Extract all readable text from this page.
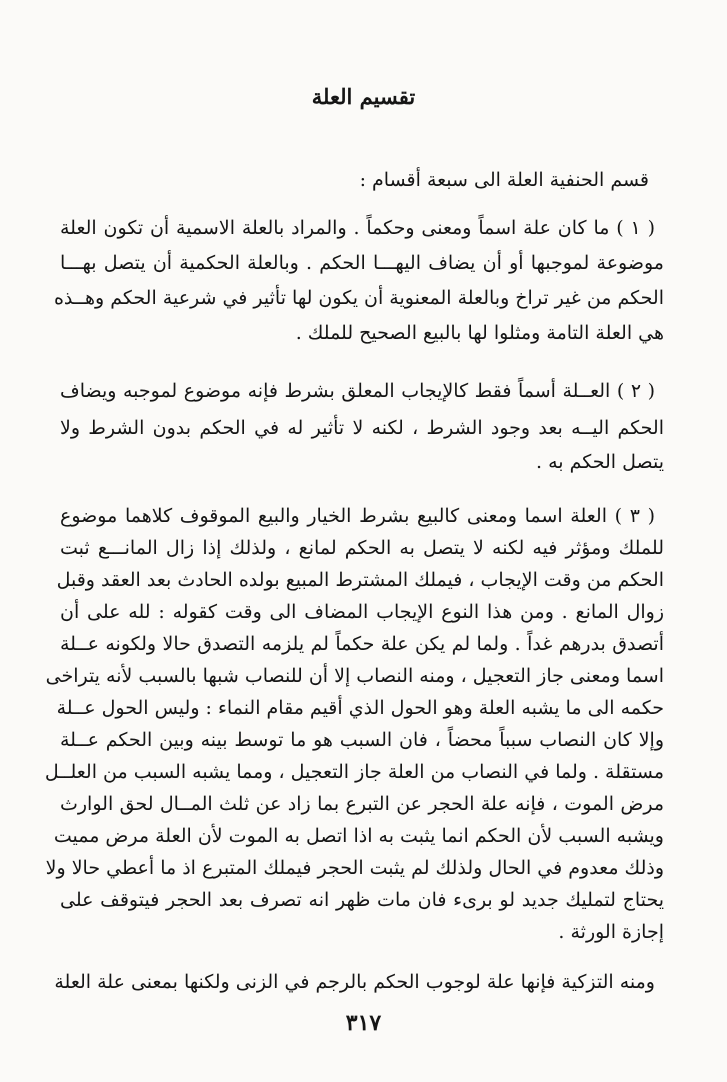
تقسيم العلة
قسم الحنفية العلة الى سبعة أقسام :
( ١ ) ما كان علة اسماً ومعنى وحكماً . والمراد بالعلة الاسمية أن تكون العلة
موضوعة لموجبها أو أن يضاف اليهـــا الحكم . وبالعلة الحكمية أن يتصل بهـــا
الحكم من غير تراخ وبالعلة المعنوية أن يكون لها تأثير في شرعية الحكم وهــذه
هي العلة التامة ومثلوا لها بالبيع الصحيح للملك .
( ٢ ) العــلة أسماً فقط كالإيجاب المعلق بشرط فإنه موضوع لموجبه ويضاف
الحكم اليــه بعد وجود الشرط ، لكنه لا تأثير له في الحكم بدون الشرط ولا
يتصل الحكم به .
( ٣ ) العلة اسما ومعنى كالبيع بشرط الخيار والبيع الموقوف كلاهما موضوع
للملك ومؤثر فيه لكنه لا يتصل به الحكم لمانع ، ولذلك إذا زال المانـــع ثبت
الحكم من وقت الإيجاب ، فيملك المشترط المبيع بولده الحادث بعد العقد وقبل
زوال المانع . ومن هذا النوع الإيجاب المضاف الى وقت كقوله : لله على أن
أتصدق بدرهم غداً . ولما لم يكن علة حكماً لم يلزمه التصدق حالا ولكونه عــلة
اسما ومعنى جاز التعجيل ، ومنه النصاب إلا أن للنصاب شبها بالسبب لأنه يتراخى
حكمه الى ما يشبه العلة وهو الحول الذي أقيم مقام النماء : وليس الحول عــلة
وإلا كان النصاب سبباً محضاً ، فان السبب هو ما توسط بينه وبين الحكم عــلة
مستقلة . ولما في النصاب من العلة جاز التعجيل ، ومما يشبه السبب من العلــل
مرض الموت ، فإنه علة الحجر عن التبرع بما زاد عن ثلث المــال لحق الوارث
ويشبه السبب لأن الحكم انما يثبت به اذا اتصل به الموت لأن العلة مرض مميت
وذلك معدوم في الحال ولذلك لم يثبت الحجر فيملك المتبرع اذ ما أعطي حالا ولا
يحتاج لتمليك جديد لو برىء فان مات ظهر انه تصرف بعد الحجر فيتوقف على
إجازة الورثة .
ومنه التزكية فإنها علة لوجوب الحكم بالرجم في الزنى ولكنها بمعنى علة العلة
٣١٧
